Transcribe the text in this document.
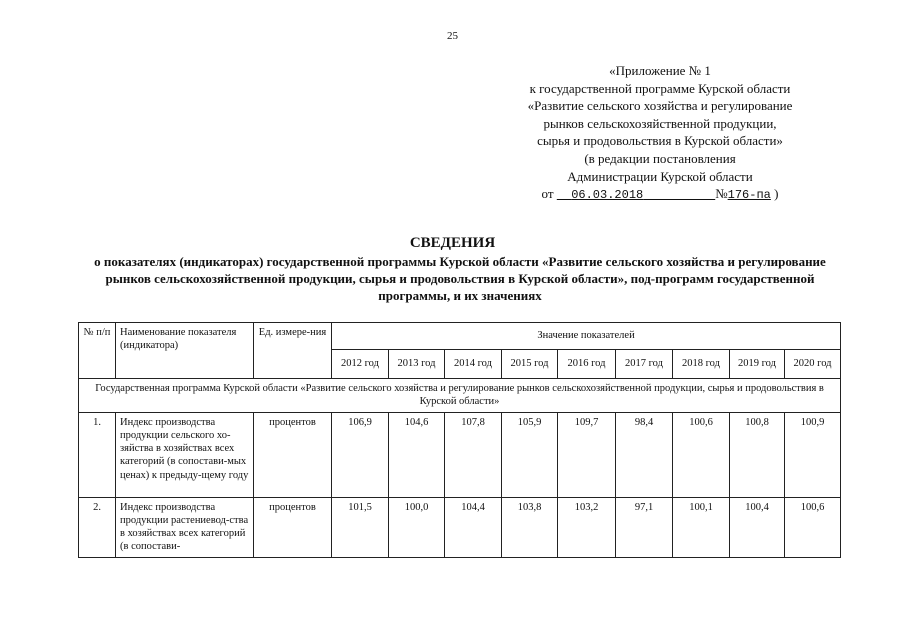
25
«Приложение № 1
к государственной программе Курской области
«Развитие сельского хозяйства и регулирование
рынков сельскохозяйственной продукции,
сырья и продовольствия в Курской области»
(в редакции постановления
Администрации Курской области
от 06.03.2018	№176-па )
СВЕДЕНИЯ
о показателях (индикаторах) государственной программы Курской области «Развитие сельского хозяйства и регулирование рынков сельскохозяйственной продукции, сырья и продовольствия в Курской области», под-программ государственной программы, и их значениях
№ п/п	Наименование показателя (индикатора)	Ед. измере-ния	Значение показателей								
			2012 год	2013 год	2014 год	2015 год	2016 год	2017 год	2018 год	2019 год	2020 год
Государственная программа Курской области «Развитие сельского хозяйства и регулирование рынков сельскохозяйственной продукции, сырья и продовольствия в Курской области»											
1.	Индекс производства продукции сельского хо-зяйства в хозяйствах всех категорий (в сопостави-мых ценах) к предыду-щему году	процентов	106,9	104,6	107,8	105,9	109,7	98,4	100,6	100,8	100,9
2.	Индекс производства продукции растениевод-ства в хозяйствах всех категорий (в сопостави-	процентов	101,5	100,0	104,4	103,8	103,2	97,1	100,1	100,4	100,6
